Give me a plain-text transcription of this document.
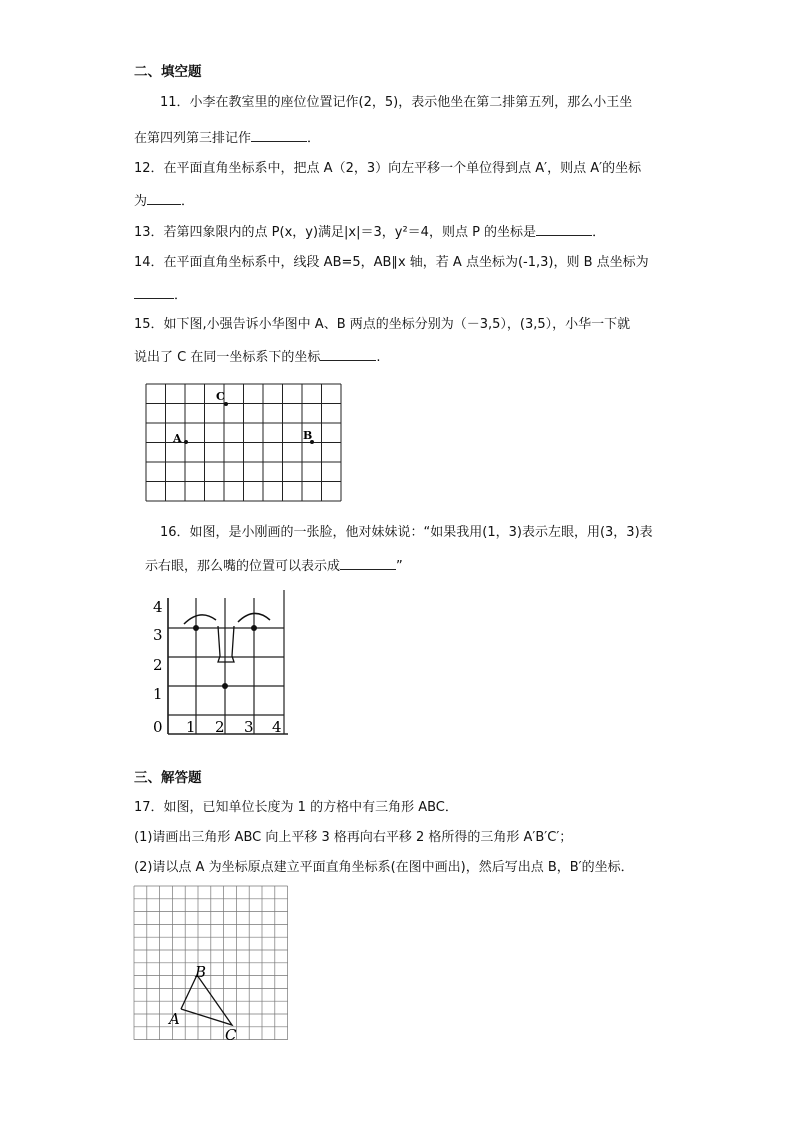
二、填空题
11．小李在教室里的座位位置记作(2，5)，表示他坐在第二排第五列，那么小王坐
在第四列第三排记作	．
12．在平面直角坐标系中，把点 A（2，3）向左平移一个单位得到点 A′，则点 A′的坐标
为	．
13．若第四象限内的点 P(x，y)满足|x|＝3，y²＝4，则点 P 的坐标是	．
14．在平面直角坐标系中，线段 AB=5，AB∥x 轴，若 A 点坐标为(-1,3)，则 B 点坐标为
．
15．如下图,小强告诉小华图中 A、B 两点的坐标分别为（－3,5），(3,5），小华一下就
说出了 C 在同一坐标系下的坐标	.
C
A	B
16．如图，是小刚画的一张脸，他对妹妹说：“如果我用(1，3)表示左眼，用(3，3)表
示右眼，那么嘴的位置可以表示成	”
4
3
2
1
0 1 2 3 4
三、解答题
17．如图，已知单位长度为 1 的方格中有三角形 ABC．
(1)请画出三角形 ABC 向上平移 3 格再向右平移 2 格所得的三角形 A′B′C′；
(2)请以点 A 为坐标原点建立平面直角坐标系(在图中画出)，然后写出点 B，B′的坐标．
A
B
C
